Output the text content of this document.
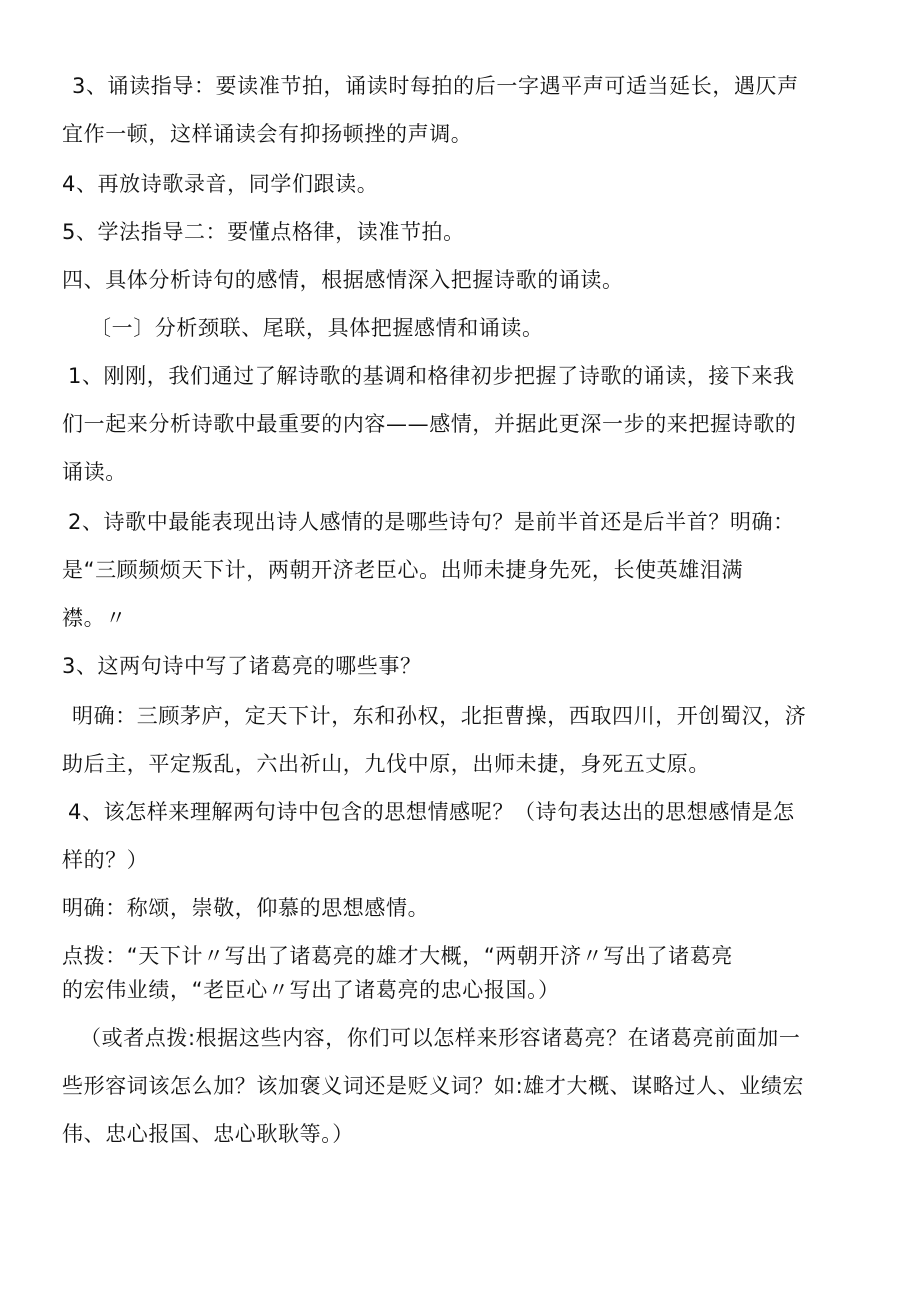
3、诵读指导：要读准节拍，诵读时每拍的后一字遇平声可适当延长，遇仄声
宜作一顿，这样诵读会有抑扬顿挫的声调。
4、再放诗歌录音，同学们跟读。
5、学法指导二：要懂点格律，读准节拍。
四、具体分析诗句的感情，根据感情深入把握诗歌的诵读。
〔一〕分析颈联、尾联，具体把握感情和诵读。
1、刚刚，我们通过了解诗歌的基调和格律初步把握了诗歌的诵读，接下来我
们一起来分析诗歌中最重要的内容——感情，并据此更深一步的来把握诗歌的
诵读。
2、诗歌中最能表现出诗人感情的是哪些诗句？是前半首还是后半首？明确：
是“三顾频烦天下计，两朝开济老臣心。出师未捷身先死，长使英雄泪满
襟。〃
3、这两句诗中写了诸葛亮的哪些事？
明确：三顾茅庐，定天下计，东和孙权，北拒曹操，西取四川，开创蜀汉，济
助后主，平定叛乱，六出祈山，九伐中原，出师未捷，身死五丈原。
4、该怎样来理解两句诗中包含的思想情感呢？（诗句表达出的思想感情是怎
样的？）
明确：称颂，崇敬，仰慕的思想感情。
点拨：“天下计〃写出了诸葛亮的雄才大概，“两朝开济〃写出了诸葛亮
的宏伟业绩，“老臣心〃写出了诸葛亮的忠心报国。）
（或者点拨:根据这些内容，你们可以怎样来形容诸葛亮？在诸葛亮前面加一
些形容词该怎么加？该加褒义词还是贬义词？如:雄才大概、谋略过人、业绩宏
伟、忠心报国、忠心耿耿等。）
